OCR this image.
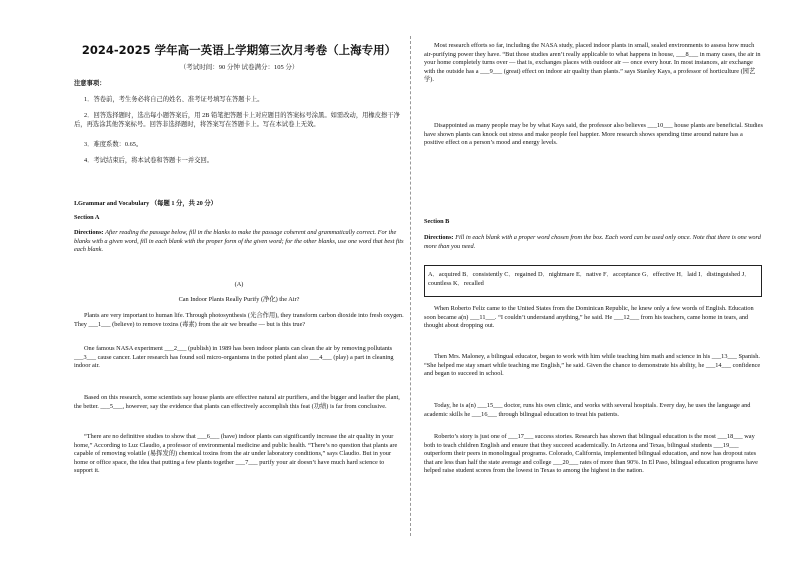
2024-2025 学年高一英语上学期第三次月考卷（上海专用）
（考试时间：90 分钟 试卷满分：105 分）

注意事项：

1．答卷前，考生务必将自己的姓名、准考证号填写在答题卡上。

2．回答选择题时，选出每小题答案后，用 2B 铅笔把答题卡上对应题目的答案标号涂黑。如需改动，用橡皮擦干净后，再选涂其他答案标号。回答非选择题时，将答案写在答题卡上。写在本试卷上无效。

3．难度系数：0.65。

4．考试结束后，将本试卷和答题卡一并交回。

I.Grammar and Vocabulary （每题 1 分，共 20 分）

Section A

Directions: After reading the passage below, fill in the blanks to make the passage coherent and grammatically correct. For the blanks with a given word, fill in each blank with the proper form of the given word; for the other blanks, use one word that best fits each blank.

(A)

Can Indoor Plants Really Purify (净化) the Air?

Plants are very important to human life. Through photosynthesis (光合作用), they transform carbon dioxide into fresh oxygen. They ___1___ (believe) to remove toxins (毒素) from the air we breathe — but is this true?

One famous NASA experiment ___2___ (publish) in 1989 has been indoor plants can clean the air by removing pollutants ___3___ cause cancer. Later research has found soil micro-organisms in the potted plant also ___4___ (play) a part in cleaning indoor air.

Based on this research, some scientists say house plants are effective natural air purifiers, and the bigger and leafier the plant, the better. ___5___, however, say the evidence that plants can effectively accomplish this feat (功绩) is far from conclusive.

“There are no definitive studies to show that ___6___ (have) indoor plants can significantly increase the air quality in your home,” According to Luz Claudio, a professor of environmental medicine and public health. “There’s no question that plants are capable of removing volatile (易挥发的) chemical toxins from the air under laboratory conditions,” says Claudio. But in your home or office space, the idea that putting a few plants together ___7___ purify your air doesn’t have much hard science to support it.

Most research efforts so far, including the NASA study, placed indoor plants in small, sealed environments to assess how much air-purifying power they have. “But those studies aren’t really applicable to what happens in house, ___8___ in many cases, the air in your home completely turns over — that is, exchanges places with outdoor air — once every hour. In most instances, air exchange with the outside has a ___9___ (great) effect on indoor air quality than plants.” says Stanley Kays, a professor of horticulture (园艺学).

Disappointed as many people may be by what Kays said, the professor also believes ___10___ house plants are beneficial. Studies have shown plants can knock out stress and make people feel happier. More research shows spending time around nature has a positive effect on a person’s mood and energy levels.

Section B

Directions: Fill in each blank with a proper word chosen from the box. Each word can be used only once. Note that there is one word more than you need.

A．acquired B．consistently C．regained D．nightmare E．native F．acceptance G．effective H．laid I．distinguished J．countless K．recalled

When Roberto Feliz came to the United States from the Dominican Republic, he knew only a few words of English. Education soon became a(n) ___11___. “I couldn’t understand anything,” he said. He ___12___ from his teachers, came home in tears, and thought about dropping out.

Then Mrs. Maloney, a bilingual educator, began to work with him while teaching him math and science in his ___13___ Spanish. “She helped me stay smart while teaching me English,” he said. Given the chance to demonstrate his ability, he ___14___ confidence and began to succeed in school.

Today, he is a(n) ___15___ doctor, runs his own clinic, and works with several hospitals. Every day, he uses the language and academic skills he ___16___ through bilingual education to treat his patients.

Roberto’s story is just one of ___17___ success stories. Research has shown that bilingual education is the most ___18___ way both to teach children English and ensure that they succeed academically. In Arizona and Texas, bilingual students ___19___ outperform their peers in monolingual programs. Colorado, California, implemented bilingual education, and now has dropout rates that are less than half the state average and college ___20___ rates of more than 90%. In El Paso, bilingual education programs have helped raise student scores from the lowest in Texas to among the highest in the nation.
